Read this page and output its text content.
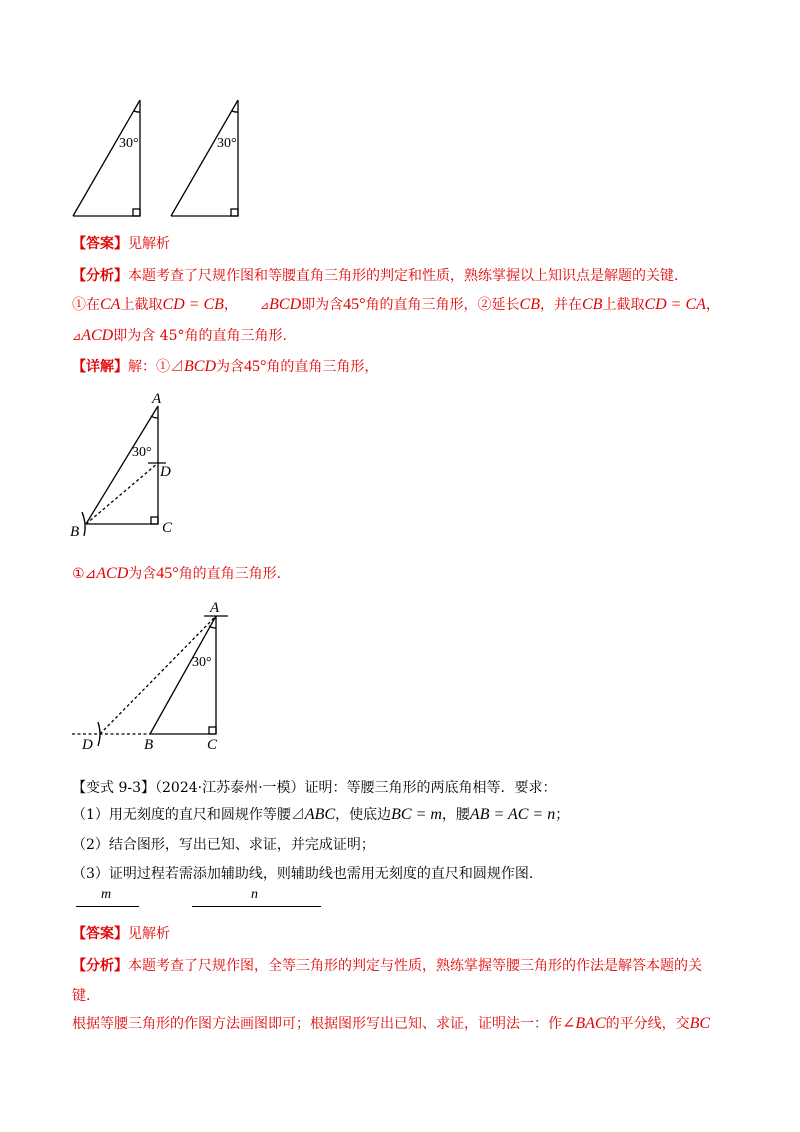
30°	30°
【答案】见解析
【分析】本题考查了尺规作图和等腰直角三角形的判定和性质，熟练掌握以上知识点是解题的关键.
①在CA上截取CD = CB， ⊿BCD即为含45°角的直角三角形，②延长CB，并在CB上截取CD = CA，
⊿ACD即为含 45°角的直角三角形.
【详解】解：①⊿BCD为含45°角的直角三角形，
A
30°
D
B	C
①⊿ACD为含45°角的直角三角形.
A
30°
D	B	C
【变式 9-3】（2024·江苏泰州·一模）证明：等腰三角形的两底角相等．要求：
（1）用无刻度的直尺和圆规作等腰⊿ABC，使底边BC = m，腰AB = AC = n；
（2）结合图形，写出已知、求证，并完成证明；
（3）证明过程若需添加辅助线，则辅助线也需用无刻度的直尺和圆规作图.
m	n
【答案】见解析
【分析】本题考查了尺规作图，全等三角形的判定与性质，熟练掌握等腰三角形的作法是解答本题的关
键.
根据等腰三角形的作图方法画图即可；根据图形写出已知、求证，证明法一：作∠BAC的平分线，交BC
